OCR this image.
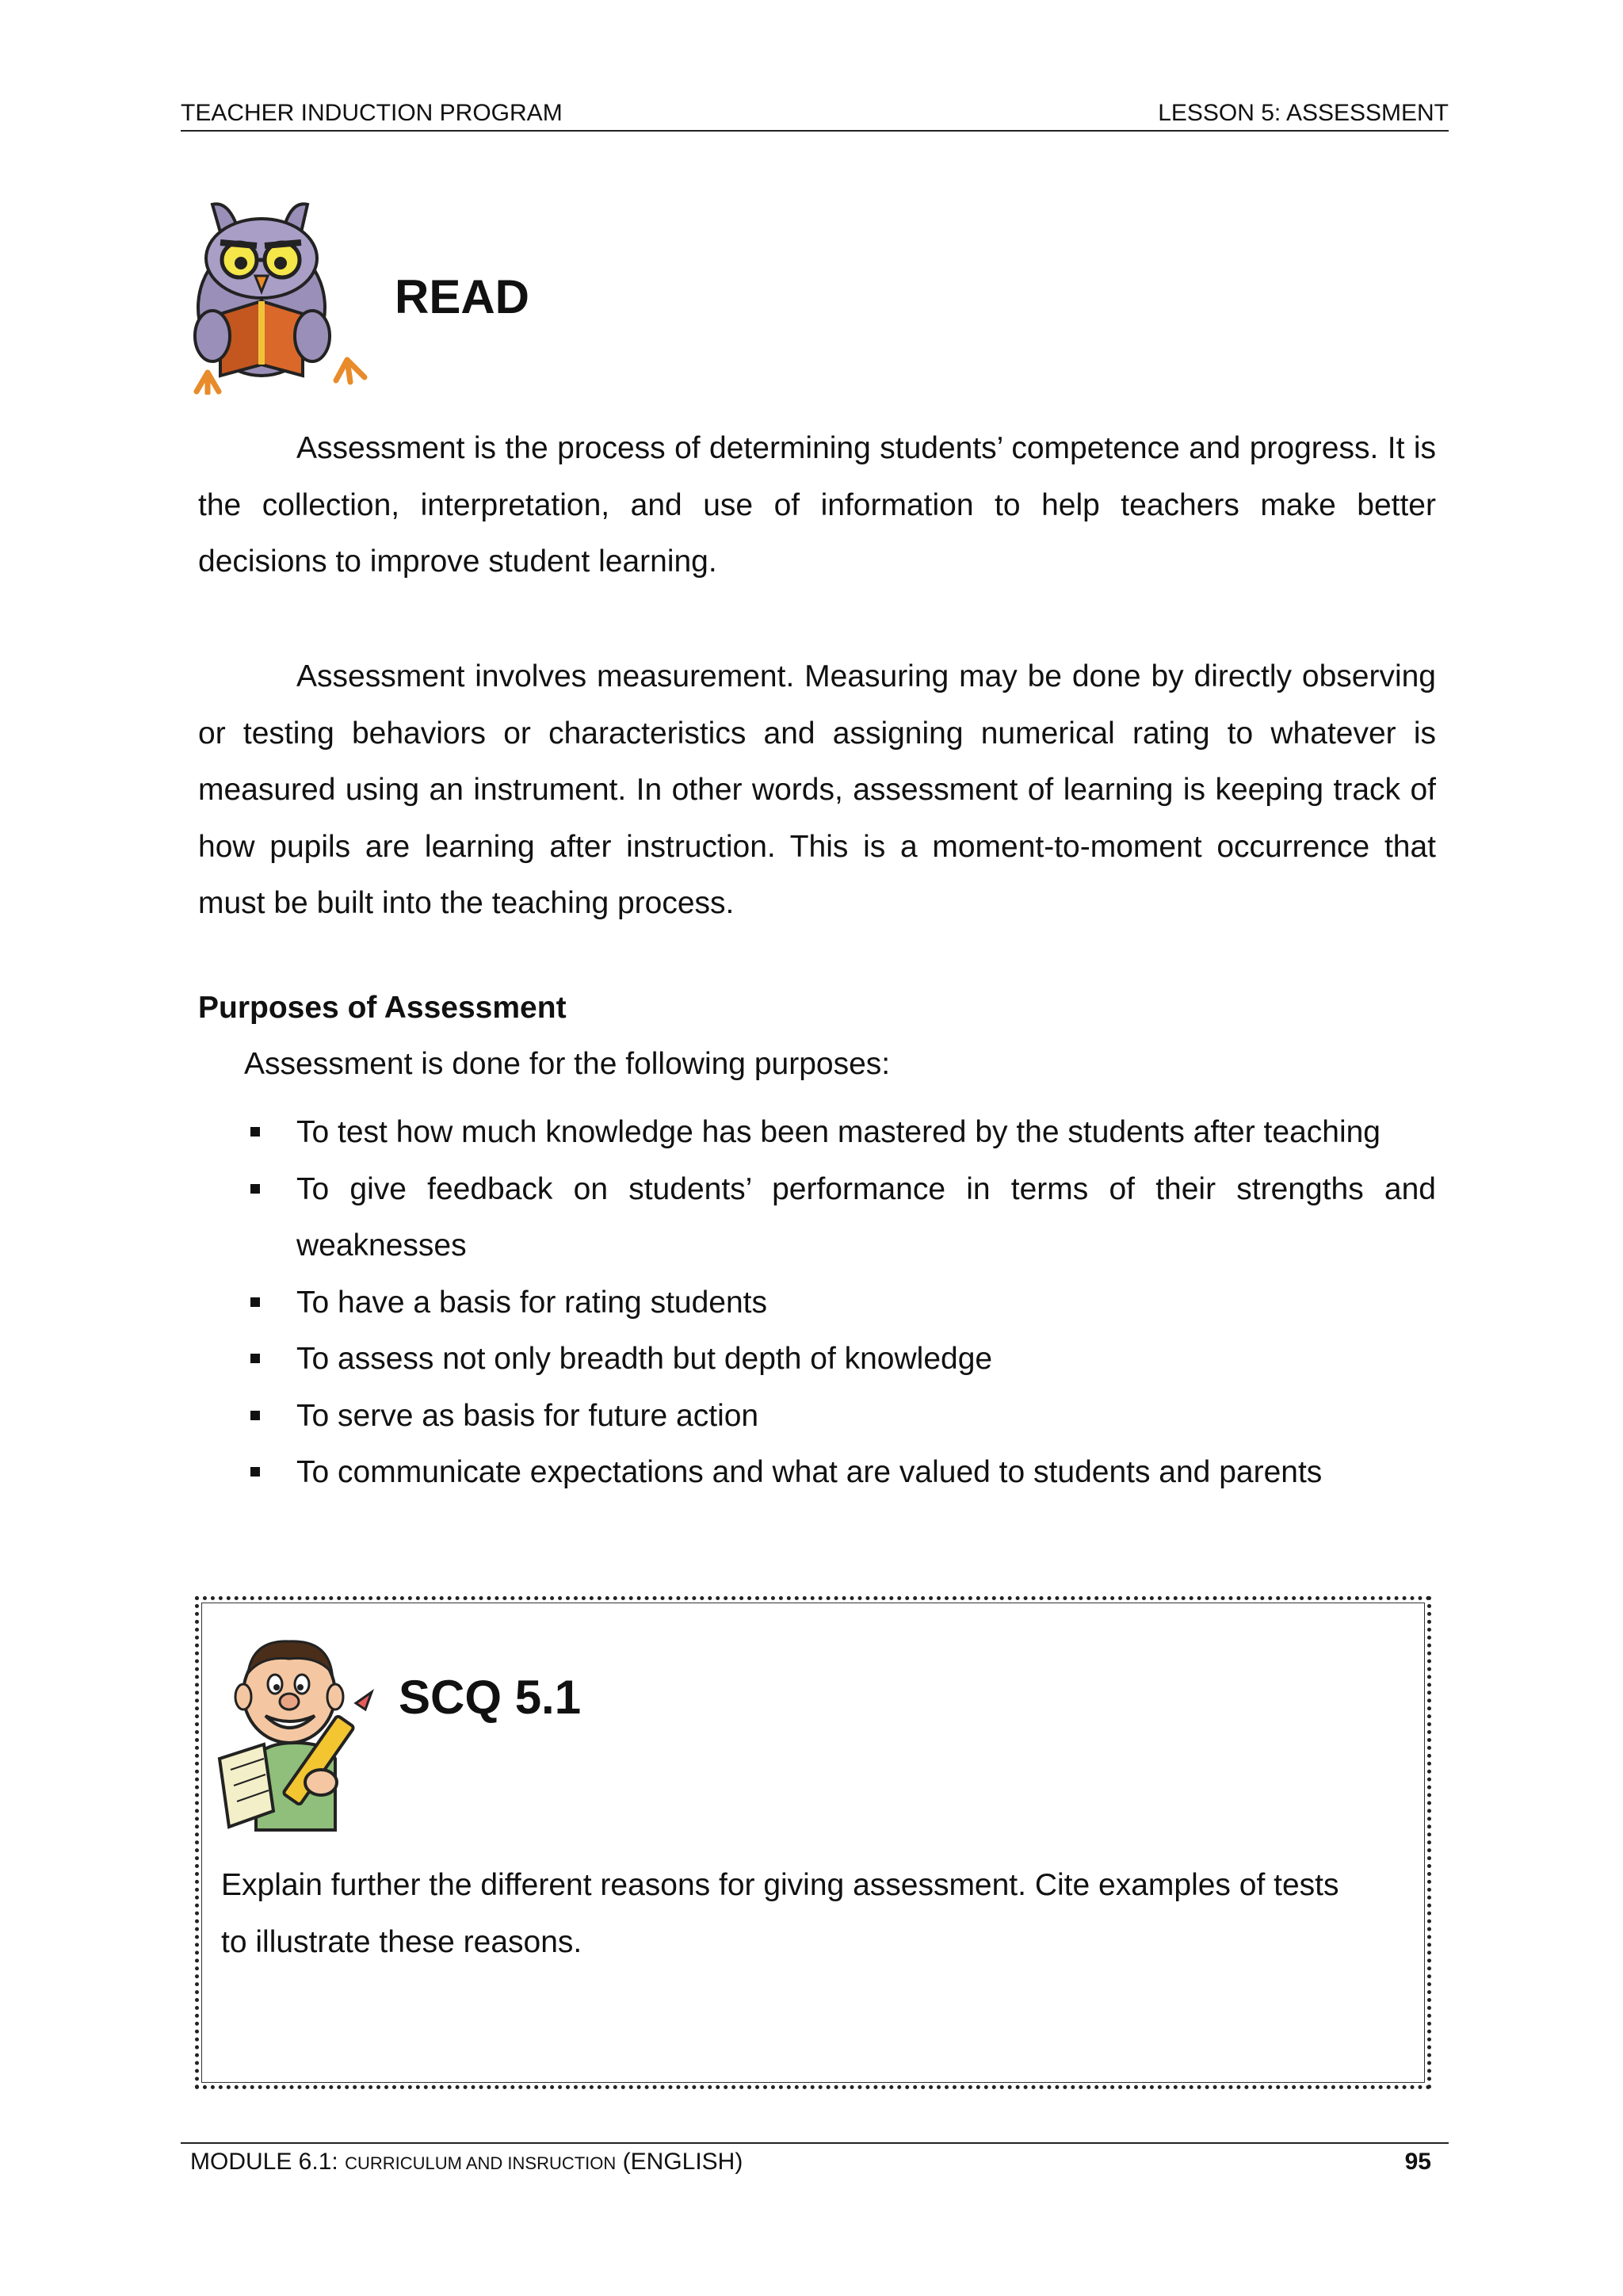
TEACHER INDUCTION PROGRAM	LESSON 5: ASSESSMENT
READ

Assessment is the process of determining students’ competence and progress. It is the collection, interpretation, and use of information to help teachers make better decisions to improve student learning.

Assessment involves measurement. Measuring may be done by directly observing or testing behaviors or characteristics and assigning numerical rating to whatever is measured using an instrument. In other words, assessment of learning is keeping track of how pupils are learning after instruction. This is a moment-to-moment occurrence that must be built into the teaching process.

Purposes of Assessment
Assessment is done for the following purposes:
To test how much knowledge has been mastered by the students after teaching
To give feedback on students’ performance in terms of their strengths and weaknesses
To have a basis for rating students
To assess not only breadth but depth of knowledge
To serve as basis for future action
To communicate expectations and what are valued to students and parents
SCQ 5.1
Explain further the different reasons for giving assessment. Cite examples of tests to illustrate these reasons.
MODULE 6.1: CURRICULUM AND INSRUCTION (ENGLISH)	95
